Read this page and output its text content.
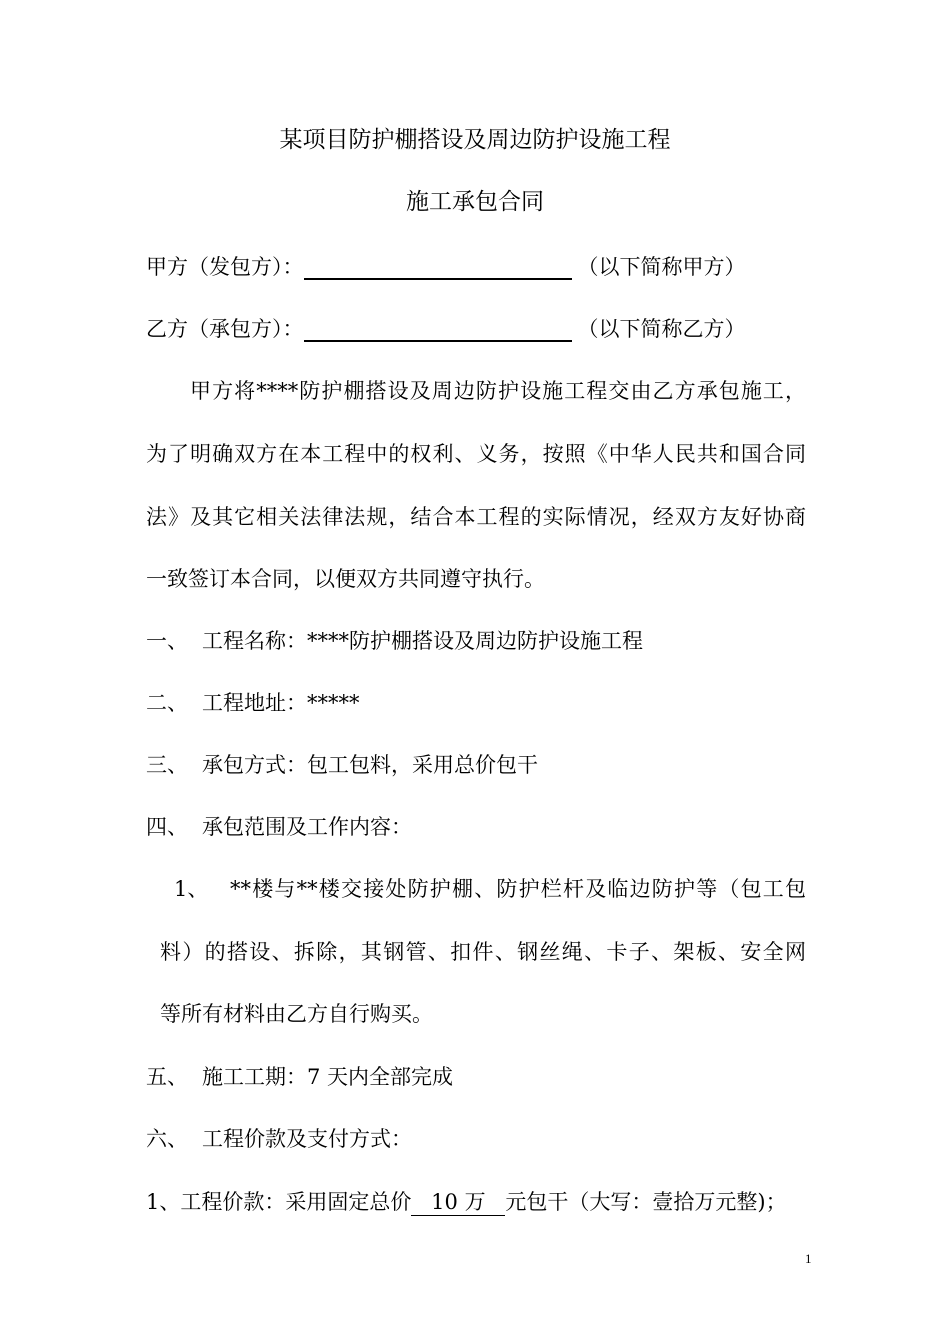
某项目防护棚搭设及周边防护设施工程
施工承包合同
甲方（发包方）：	（以下简称甲方）
乙方（承包方）：	（以下简称乙方）
甲方将****防护棚搭设及周边防护设施工程交由乙方承包施工，
为了明确双方在本工程中的权利、义务，按照《中华人民共和国合同
法》及其它相关法律法规，结合本工程的实际情况，经双方友好协商
一致签订本合同，以便双方共同遵守执行。
一、 工程名称：****防护棚搭设及周边防护设施工程
二、 工程地址：*****
三、 承包方式：包工包料，采用总价包干
四、 承包范围及工作内容：
1、 **楼与**楼交接处防护棚、防护栏杆及临边防护等（包工包
料）的搭设、拆除，其钢管、扣件、钢丝绳、卡子、架板、安全网
等所有材料由乙方自行购买。
五、 施工工期：7 天内全部完成
六、 工程价款及支付方式：
1、工程价款：采用固定总价 10 万 元包干（大写：壹拾万元整)；
1
